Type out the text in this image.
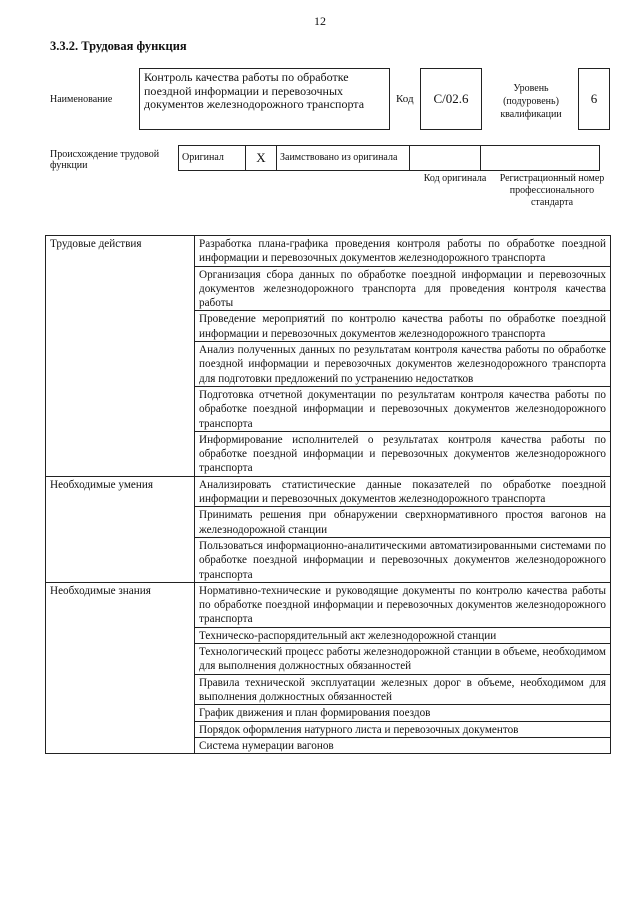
12
3.3.2. Трудовая функция
Наименование
Контроль качества работы по обработке поездной информации и перевозочных документов железнодорожного транспорта	Код С/02.6
Уровень (подуровень) квалификации
6
Происхождение трудовой функции
Оригинал	X	Заимствовано из оригинала		
Код оригинала	Регистрационный номер профессионального стандарта
Трудовые действия	Разработка плана-графика проведения контроля работы по обработке поездной информации и перевозочных документов железнодорожного транспорта
	Организация сбора данных по обработке поездной информации и перевозочных документов железнодорожного транспорта для проведения контроля качества работы
	Проведение мероприятий по контролю качества работы по обработке поездной информации и перевозочных документов железнодорожного транспорта
	Анализ полученных данных по результатам контроля качества работы по обработке поездной информации и перевозочных документов железнодорожного транспорта для подготовки предложений по устранению недостатков
	Подготовка отчетной документации по результатам контроля качества работы по обработке поездной информации и перевозочных документов железнодорожного транспорта
	Информирование исполнителей о результатах контроля качества работы по обработке поездной информации и перевозочных документов железнодорожного транспорта
Необходимые умения	Анализировать статистические данные показателей по обработке поездной информации и перевозочных документов железнодорожного транспорта
	Принимать решения при обнаружении сверхнормативного простоя вагонов на железнодорожной станции
	Пользоваться информационно-аналитическими автоматизированными системами по обработке поездной информации и перевозочных документов железнодорожного транспорта
Необходимые знания	Нормативно-технические и руководящие документы по контролю качества работы по обработке поездной информации и перевозочных документов железнодорожного транспорта
	Техническо-распорядительный акт железнодорожной станции
	Технологический процесс работы железнодорожной станции в объеме, необходимом для выполнения должностных обязанностей
	Правила технической эксплуатации железных дорог в объеме, необходимом для выполнения должностных обязанностей
	График движения и план формирования поездов
	Порядок оформления натурного листа и перевозочных документов
	Система нумерации вагонов
